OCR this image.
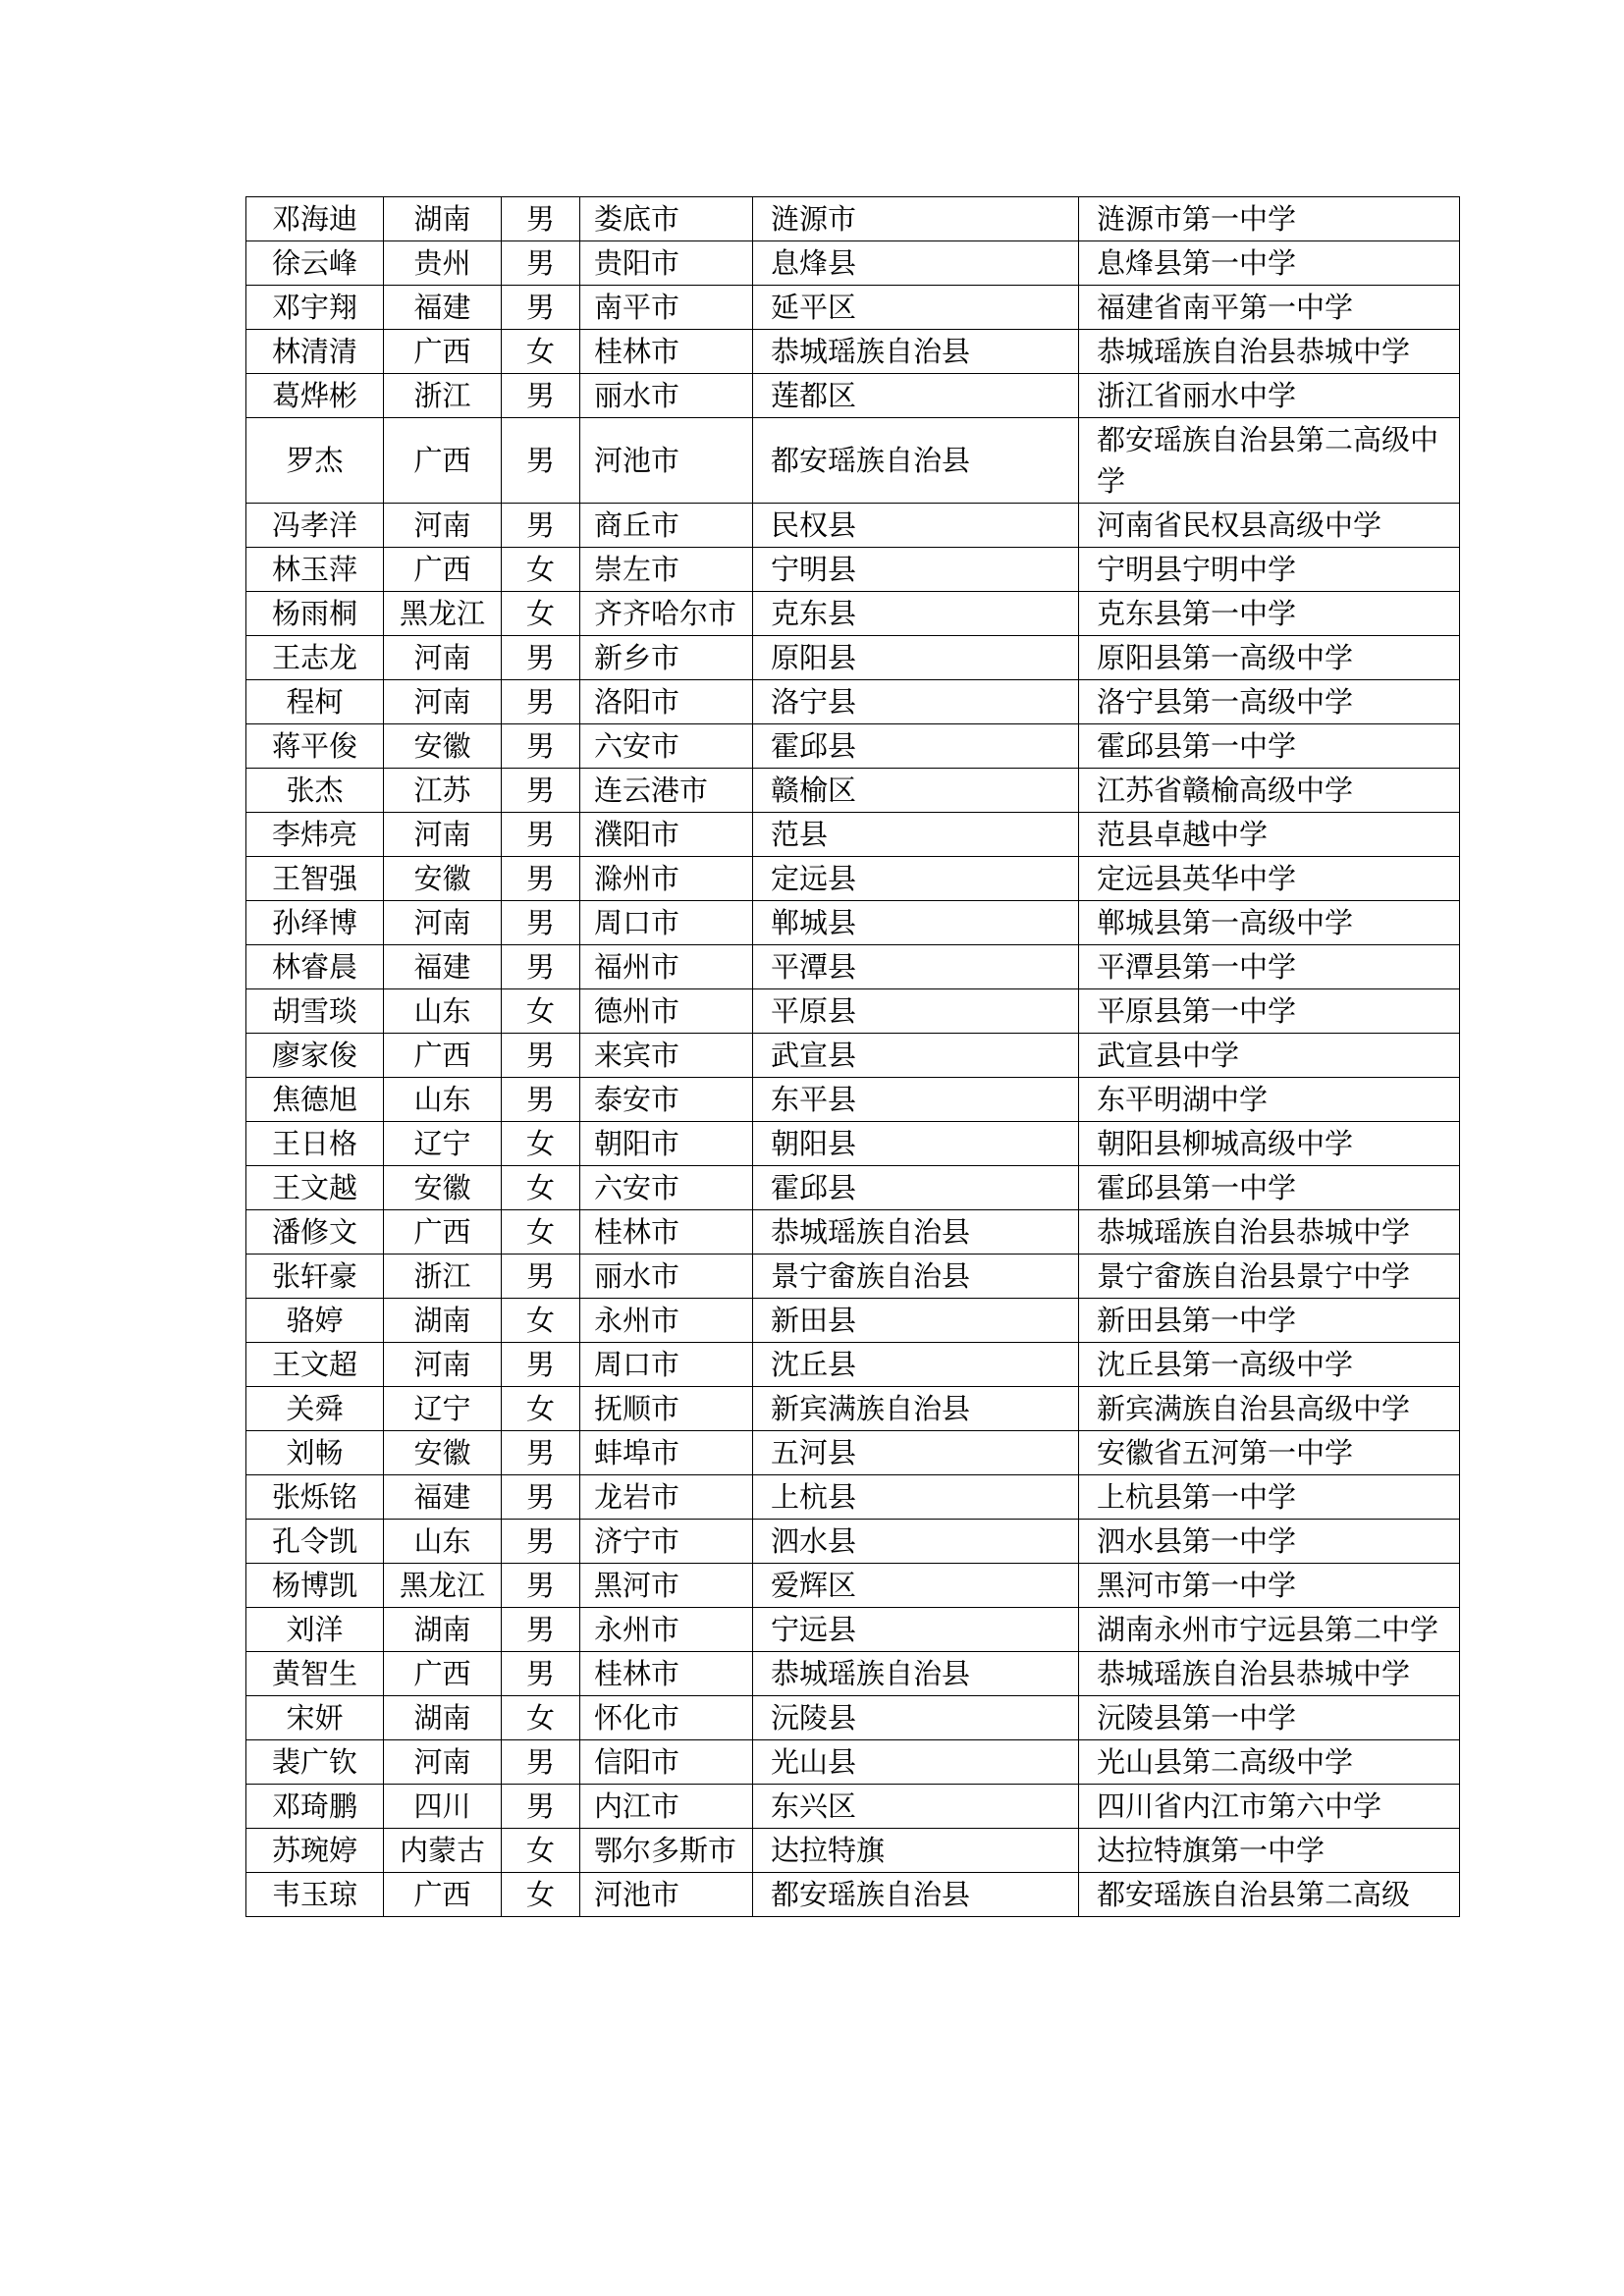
邓海迪	湖南	男	娄底市	涟源市	涟源市第一中学
徐云峰	贵州	男	贵阳市	息烽县	息烽县第一中学
邓宇翔	福建	男	南平市	延平区	福建省南平第一中学
林清清	广西	女	桂林市	恭城瑶族自治县	恭城瑶族自治县恭城中学
葛烨彬	浙江	男	丽水市	莲都区	浙江省丽水中学
罗杰	广西	男	河池市	都安瑶族自治县	都安瑶族自治县第二高级中学
冯孝洋	河南	男	商丘市	民权县	河南省民权县高级中学
林玉萍	广西	女	崇左市	宁明县	宁明县宁明中学
杨雨桐	黑龙江	女	齐齐哈尔市	克东县	克东县第一中学
王志龙	河南	男	新乡市	原阳县	原阳县第一高级中学
程柯	河南	男	洛阳市	洛宁县	洛宁县第一高级中学
蒋平俊	安徽	男	六安市	霍邱县	霍邱县第一中学
张杰	江苏	男	连云港市	赣榆区	江苏省赣榆高级中学
李炜亮	河南	男	濮阳市	范县	范县卓越中学
王智强	安徽	男	滁州市	定远县	定远县英华中学
孙绎博	河南	男	周口市	郸城县	郸城县第一高级中学
林睿晨	福建	男	福州市	平潭县	平潭县第一中学
胡雪琰	山东	女	德州市	平原县	平原县第一中学
廖家俊	广西	男	来宾市	武宣县	武宣县中学
焦德旭	山东	男	泰安市	东平县	东平明湖中学
王日格	辽宁	女	朝阳市	朝阳县	朝阳县柳城高级中学
王文越	安徽	女	六安市	霍邱县	霍邱县第一中学
潘修文	广西	女	桂林市	恭城瑶族自治县	恭城瑶族自治县恭城中学
张轩豪	浙江	男	丽水市	景宁畲族自治县	景宁畲族自治县景宁中学
骆婷	湖南	女	永州市	新田县	新田县第一中学
王文超	河南	男	周口市	沈丘县	沈丘县第一高级中学
关舜	辽宁	女	抚顺市	新宾满族自治县	新宾满族自治县高级中学
刘畅	安徽	男	蚌埠市	五河县	安徽省五河第一中学
张烁铭	福建	男	龙岩市	上杭县	上杭县第一中学
孔令凯	山东	男	济宁市	泗水县	泗水县第一中学
杨博凯	黑龙江	男	黑河市	爱辉区	黑河市第一中学
刘洋	湖南	男	永州市	宁远县	湖南永州市宁远县第二中学
黄智生	广西	男	桂林市	恭城瑶族自治县	恭城瑶族自治县恭城中学
宋妍	湖南	女	怀化市	沅陵县	沅陵县第一中学
裴广钦	河南	男	信阳市	光山县	光山县第二高级中学
邓琦鹏	四川	男	内江市	东兴区	四川省内江市第六中学
苏琬婷	内蒙古	女	鄂尔多斯市	达拉特旗	达拉特旗第一中学
韦玉琼	广西	女	河池市	都安瑶族自治县	都安瑶族自治县第二高级
